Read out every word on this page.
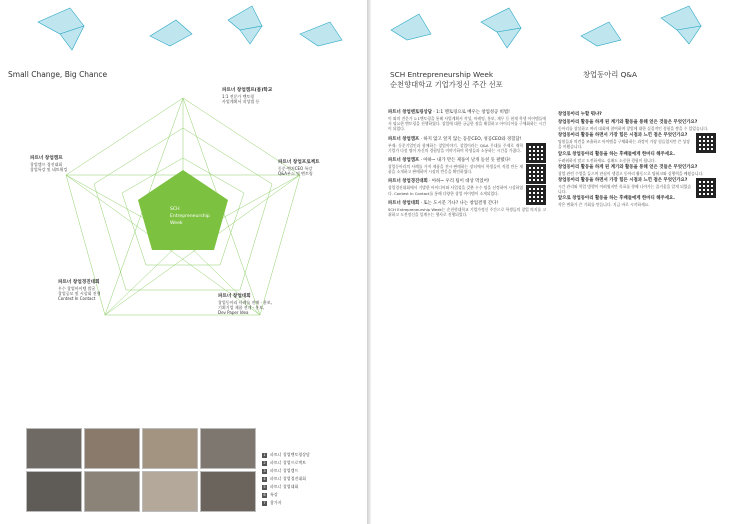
Small Change, Big Chance
SCH
Entrepreneurship
Week
파트너 창업캠프(봄)학교
1:1 전문가 멘토링
사업계획서 작성법 등
파트너 창업캠프
창업캠프 경진대회
창업특강 및 네트워킹
파트너 창업프로젝트
동문·벤처CEO 특강
Q&A부스 및 멘토링
파트너 창업경진대회
우수 창업아이템 발굴
창업공모 및 시상회 진행
Contest In Contact	파트너 창업대회
창업동아리 사례를 전해 · 홍보,
기획기업 제품 전개 · 홍보,
Dev Paper Idea
1	파트너 창업멘토링상담
2	파트너 창업프로젝트
3	파트너 창업캠프
4	파트너 창업경진대회
5	파트너 창업대회
6	특강
7	참가자
SCH Entrepreneurship Week
순천향대학교 기업가정신 주간 선포
창업동아리 Q&A
파트너 창업멘토링상담 · 1:1 멘토링으로 배우는 창업성공 비법!
이 외의 전문가 1:1멘토링을 통해 사업계획서 작성, 마케팅, 홍보, 재무 등 현재 학생 아이템들에서 필요한 멘토링을 진행하였다. 창업에 대한 궁금한 점을 해결하고 아이디어를 구체화하는 시간이 되었다.
파트너 창업캠프 · 하지 않고 알지 않는 동문CEO, 성공CEO와 경험담!
부제: 동문기업인과 함께하는 창업이야기. 창업이라는 Q&A 무대를 주제로 재학 기업가 다섯 명이 자신의 경험담을 이야기하며 학생들과 소통하는 시간을 가졌다.
파트너 창업캠프 · 아하~ 내가 만든 제품이 날개 돋친 듯 팔렸다!
창업동아리의 사례를 가져 제품을 전시·판매하는 장터에서 학생들이 직접 만든 제품을 소개하고 판매하며 시장의 반응을 확인하였다.
파트너 창업경진대회 · 아하~ 우리 팀이 대상 먹었어!
창업경진대회에서 기발한 아이디어와 사업성을 갖춘 우수 팀을 선정하여 시상하였다. Contest In Contact를 통해 다양한 창업 아이템이 소개되었다.
파트너 창업대회 · 또는 도시문 가나? 나는 창업결정 간다!
SCH Entrepreneurship Week는 순천향대학교 기업가정신 주간으로 학생들의 창업 의지를 고취하고 도전정신을 일깨우는 행사로 진행되었다.
창업동아리 누할 뭐냐?
창업동아리 활동을 하게 된 계기와 활동을 통해 얻은 것들은 무엇인가요?
동아리를 창설하고 여러 대회에 참여하며 창업에 대한 실질적인 경험을 쌓을 수 있었습니다.
창업동아리 활동을 하면서 가장 힘든 시점과 느낀 점은 무엇인가요?
팀원들과 의견을 조율하고 아이템을 구체화하는 과정이 가장 힘들었지만 큰 성장을 이뤘습니다.
앞으로 창업동아리 활동을 하는 후배들에게 한마디 해주세요.
두려워하지 말고 도전하세요. 실패도 소중한 경험이 됩니다.
창업동아리 활동을 하게 된 계기와 활동을 통해 얻은 것들은 무엇인가요?
창업 관련 수업을 들으며 관심이 생겼고 동아리 활동으로 팀워크와 실행력을 배웠습니다.
창업동아리 활동을 하면서 가장 힘든 시점과 느낀 점은 무엇인가요?
시간 관리와 학업 병행이 어려웠지만 목표를 향해 나아가는 즐거움을 알게 되었습니다.
앞으로 창업동아리 활동을 하는 후배들에게 한마디 해주세요.
작은 변화가 큰 기회를 만듭니다. 지금 바로 시작하세요.
